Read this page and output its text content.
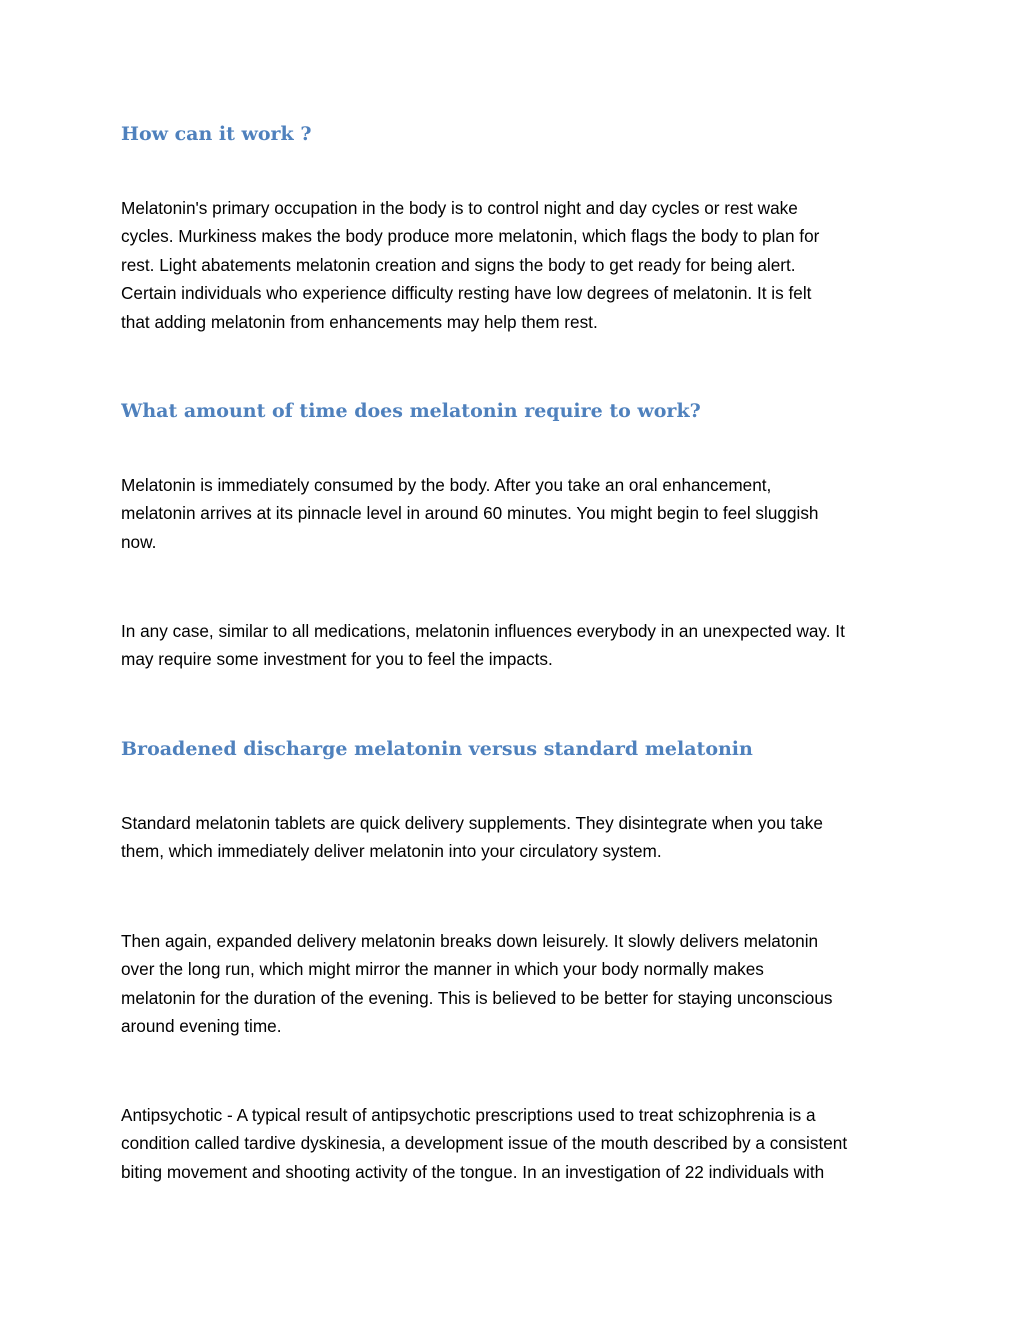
How can it work ?

Melatonin's primary occupation in the body is to control night and day cycles or rest wake
cycles. Murkiness makes the body produce more melatonin, which flags the body to plan for
rest. Light abatements melatonin creation and signs the body to get ready for being alert.
Certain individuals who experience difficulty resting have low degrees of melatonin. It is felt
that adding melatonin from enhancements may help them rest.

What amount of time does melatonin require to work?

Melatonin is immediately consumed by the body. After you take an oral enhancement,
melatonin arrives at its pinnacle level in around 60 minutes. You might begin to feel sluggish
now.

In any case, similar to all medications, melatonin influences everybody in an unexpected way. It
may require some investment for you to feel the impacts.

Broadened discharge melatonin versus standard melatonin

Standard melatonin tablets are quick delivery supplements. They disintegrate when you take
them, which immediately deliver melatonin into your circulatory system.

Then again, expanded delivery melatonin breaks down leisurely. It slowly delivers melatonin
over the long run, which might mirror the manner in which your body normally makes
melatonin for the duration of the evening. This is believed to be better for staying unconscious
around evening time.

Antipsychotic - A typical result of antipsychotic prescriptions used to treat schizophrenia is a
condition called tardive dyskinesia, a development issue of the mouth described by a consistent
biting movement and shooting activity of the tongue. In an investigation of 22 individuals with
